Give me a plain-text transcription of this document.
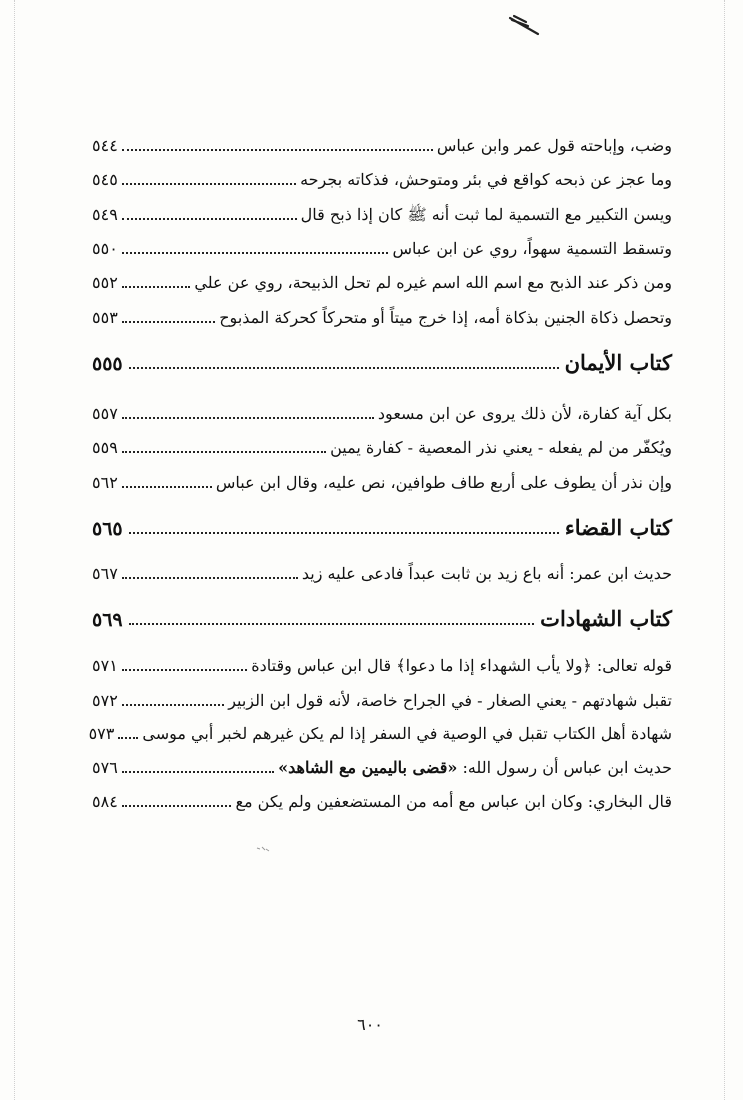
وضب، وإباحته قول عمر وابن عباس
٥٤٤
وما عجز عن ذبحه كواقع في بئر ومتوحش، فذكاته بجرحه
٥٤٥
ويسن التكبير مع التسمية لما ثبت أنه ﷺ كان إذا ذبح قال
٥٤٩
وتسقط التسمية سهواً، روي عن ابن عباس
٥٥٠
ومن ذكر عند الذبح مع اسم الله اسم غيره لم تحل الذبيحة، روي عن علي
٥٥٢
وتحصل ذكاة الجنين بذكاة أمه، إذا خرج ميتاً أو متحركاً كحركة المذبوح
٥٥٣
كتاب الأيمان
٥٥٥
بكل آية كفارة، لأن ذلك يروى عن ابن مسعود
٥٥٧
ويُكفّر من لم يفعله - يعني نذر المعصية - كفارة يمين
٥٥٩
وإن نذر أن يطوف على أربع طاف طوافين، نص عليه، وقال ابن عباس
٥٦٢
كتاب القضاء
٥٦٥
حديث ابن عمر: أنه باع زيد بن ثابت عبداً فادعى عليه زيد
٥٦٧
كتاب الشهادات
٥٦٩
قوله تعالى: ﴿ولا يأب الشهداء إذا ما دعوا﴾ قال ابن عباس وقتادة
٥٧١
تقبل شهادتهم - يعني الصغار - في الجراح خاصة، لأنه قول ابن الزبير
٥٧٢
شهادة أهل الكتاب تقبل في الوصية في السفر إذا لم يكن غيرهم لخبر أبي موسى
٥٧٣
حديث ابن عباس أن رسول الله: «قضى باليمين مع الشاهد»
٥٧٦
قال البخاري: وكان ابن عباس مع أمه من المستضعفين ولم يكن مع
٥٨٤
٦٠٠
